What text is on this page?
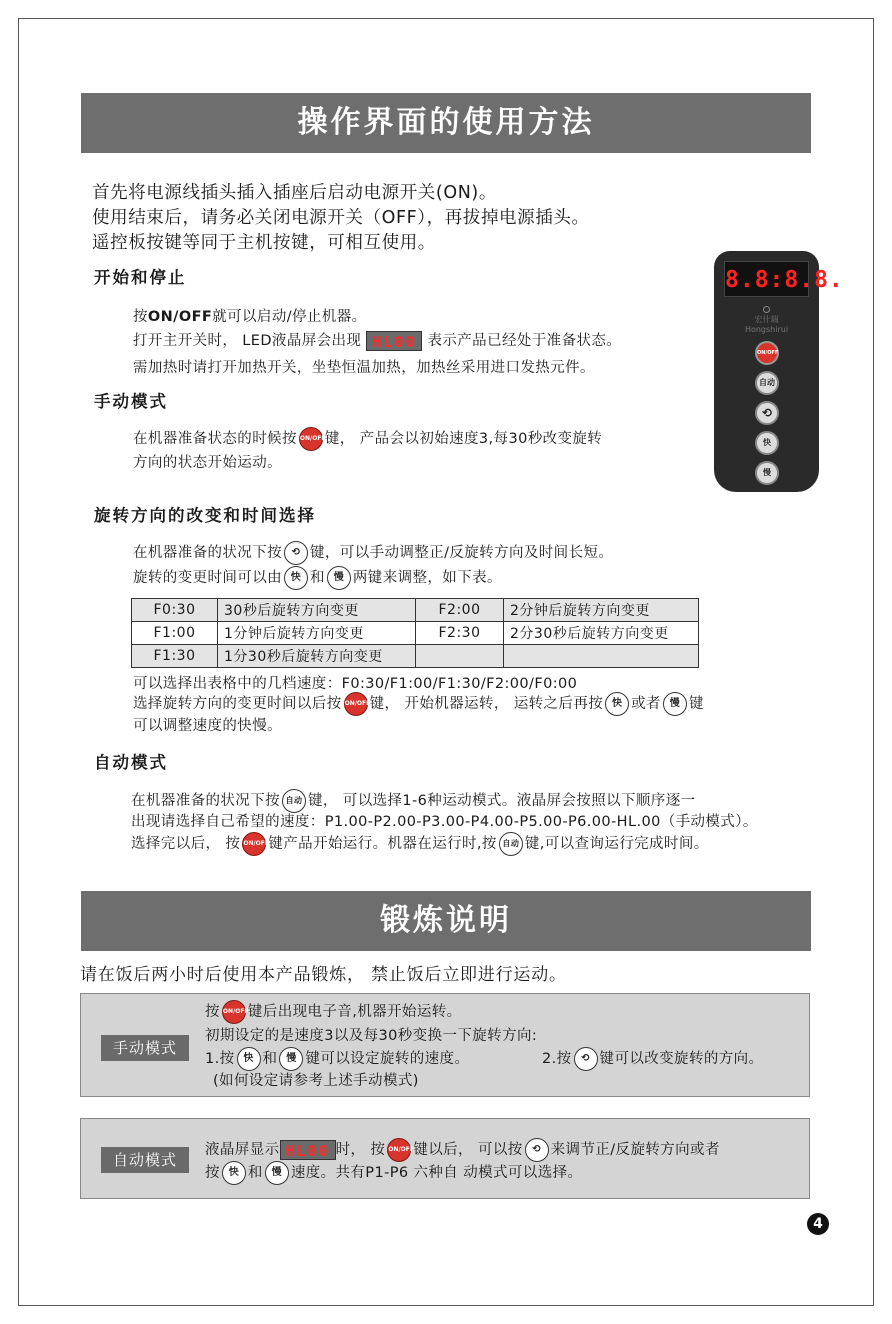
操作界面的使用方法
首先将电源线插头插入插座后启动电源开关(ON)。
使用结束后，请务必关闭电源开关（OFF），再拔掉电源插头。
遥控板按键等同于主机按键，可相互使用。
开始和停止
按ON/OFF就可以启动/停止机器。
打开主开关时， LED液晶屏会出现 HL00 表示产品已经处于准备状态。
需加热时请打开加热开关，坐垫恒温加热，加热丝采用进口发热元件。
手动模式
在机器准备状态的时候按 ON/OFF键， 产品会以初始速度3,每30秒改变旋转
方向的状态开始运动。
旋转方向的改变和时间选择
在机器准备的状况下按 ⟲ 键，可以手动调整正/反旋转方向及时间长短。
旋转的变更时间可以由 快 和 慢 两键来调整，如下表。
F0:30	30秒后旋转方向变更	F2:00	2分钟后旋转方向变更
F1:00	1分钟后旋转方向变更	F2:30	2分30秒后旋转方向变更
F1:30	1分30秒后旋转方向变更		
可以选择出表格中的几档速度：F0:30/F1:00/F1:30/F2:00/F0:00
选择旋转方向的变更时间以后按 ON/OFF键， 开始机器运转， 运转之后再按 快 或者 慢 键
可以调整速度的快慢。
自动模式
在机器准备的状况下按 自动 键， 可以选择1-6种运动模式。液晶屏会按照以下顺序逐一
出现请选择自己希望的速度：P1.00-P2.00-P3.00-P4.00-P5.00-P6.00-HL.00（手动模式）。
选择完以后， 按 ON/OFF键产品开始运行。机器在运行时,按 自动 键,可以查询运行完成时间。
锻炼说明
请在饭后两小时后使用本产品锻炼， 禁止饭后立即进行运动。
手动模式
按 ON/OFF键后出现电子音,机器开始运转。
初期设定的是速度3以及每30秒变换一下旋转方向:
1.按 快 和 慢 键可以设定旋转的速度。	2.按 ⟲ 键可以改变旋转的方向。
(如何设定请参考上述手动模式)
自动模式
液晶屏显示 HL00 时， 按 ON/OFF键以后， 可以按 ⟲ 来调节正/反旋转方向或者
按 快 和 慢 速度。共有P1-P6 六种自 动模式可以选择。
8.8:8.8.
宏什瑞
Hongshirui
ON/OFF
自动
⟲
快
慢
4
